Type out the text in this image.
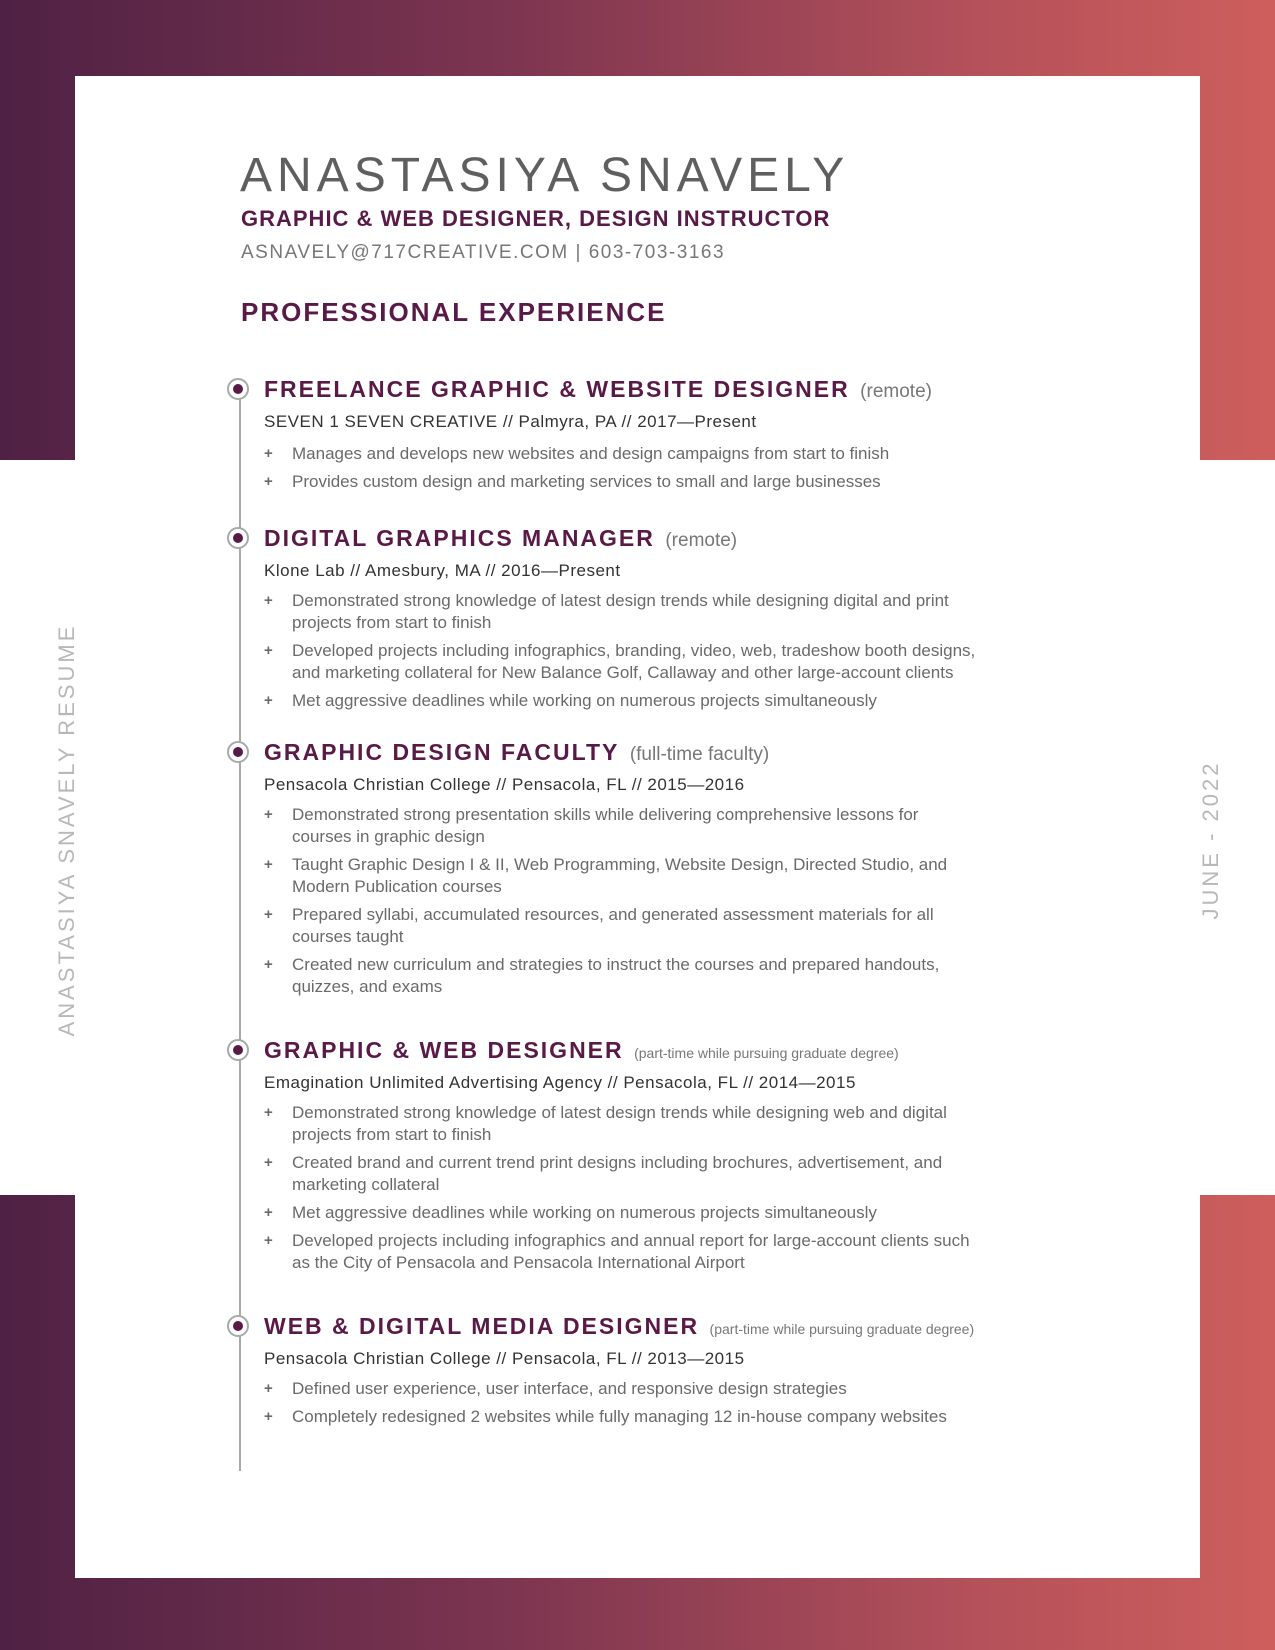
ANASTASIYA SNAVELY RESUME	JUNE - 2022
ANASTASIYA SNAVELY
GRAPHIC & WEB DESIGNER, DESIGN INSTRUCTOR
ASNAVELY@717CREATIVE.COM | 603-703-3163
PROFESSIONAL EXPERIENCE
FREELANCE GRAPHIC & WEBSITE DESIGNER (remote)
SEVEN 1 SEVEN CREATIVE // Palmyra, PA // 2017—Present
+ Manages and develops new websites and design campaigns from start to finish
+ Provides custom design and marketing services to small and large businesses
DIGITAL GRAPHICS MANAGER (remote)
Klone Lab // Amesbury, MA // 2016—Present
+ Demonstrated strong knowledge of latest design trends while designing digital and print projects from start to finish
+ Developed projects including infographics, branding, video, web, tradeshow booth designs, and marketing collateral for New Balance Golf, Callaway and other large-account clients
+ Met aggressive deadlines while working on numerous projects simultaneously
GRAPHIC DESIGN FACULTY (full-time faculty)
Pensacola Christian College // Pensacola, FL // 2015—2016
+ Demonstrated strong presentation skills while delivering comprehensive lessons for courses in graphic design
+ Taught Graphic Design I & II, Web Programming, Website Design, Directed Studio, and Modern Publication courses
+ Prepared syllabi, accumulated resources, and generated assessment materials for all courses taught
+ Created new curriculum and strategies to instruct the courses and prepared handouts, quizzes, and exams
GRAPHIC & WEB DESIGNER (part-time while pursuing graduate degree)
Emagination Unlimited Advertising Agency // Pensacola, FL // 2014—2015
+ Demonstrated strong knowledge of latest design trends while designing web and digital projects from start to finish
+ Created brand and current trend print designs including brochures, advertisement, and marketing collateral
+ Met aggressive deadlines while working on numerous projects simultaneously
+ Developed projects including infographics and annual report for large-account clients such as the City of Pensacola and Pensacola International Airport
WEB & DIGITAL MEDIA DESIGNER (part-time while pursuing graduate degree)
Pensacola Christian College // Pensacola, FL // 2013—2015
+ Defined user experience, user interface, and responsive design strategies
+ Completely redesigned 2 websites while fully managing 12 in-house company websites
